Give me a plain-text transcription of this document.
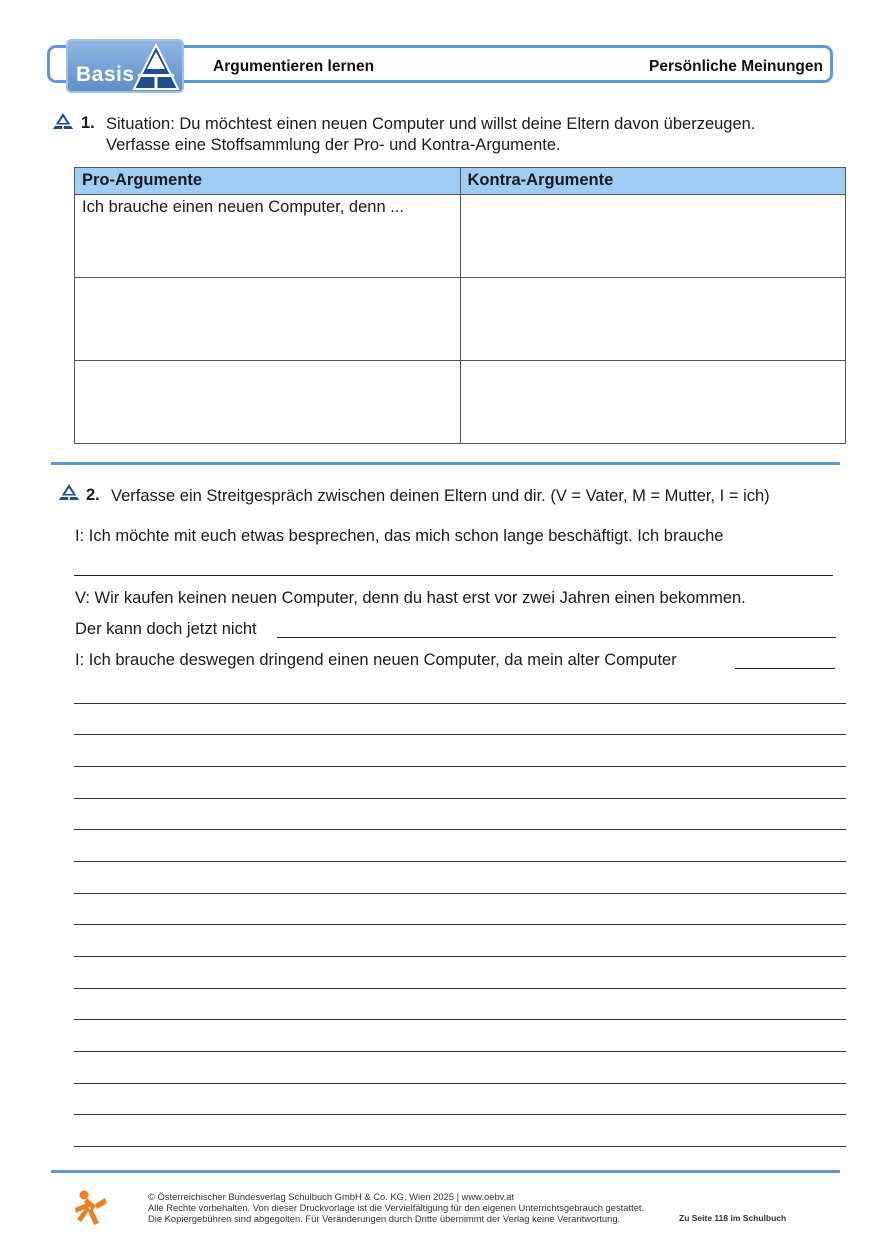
Basis	Argumentieren lernen	Persönliche Meinungen
1. Situation: Du möchtest einen neuen Computer und willst deine Eltern davon überzeugen.
Verfasse eine Stoffsammlung der Pro- und Kontra-Argumente.
Pro-Argumente	Kontra-Argumente
Ich brauche einen neuen Computer, denn ...	

2. Verfasse ein Streitgespräch zwischen deinen Eltern und dir. (V = Vater, M = Mutter, I = ich)
I: Ich möchte mit euch etwas besprechen, das mich schon lange beschäftigt. Ich brauche
V: Wir kaufen keinen neuen Computer, denn du hast erst vor zwei Jahren einen bekommen.
Der kann doch jetzt nicht
I: Ich brauche deswegen dringend einen neuen Computer, da mein alter Computer
© Österreichischer Bundesverlag Schulbuch GmbH & Co. KG, Wien 2025 | www.oebv.at
Alle Rechte vorbehalten. Von dieser Druckvorlage ist die Vervielfältigung für den eigenen Unterrichtsgebrauch gestattet.
Die Kopiergebühren sind abgegolten. Für Veränderungen durch Dritte übernimmt der Verlag keine Verantwortung.	Zu Seite 118 im Schulbuch
